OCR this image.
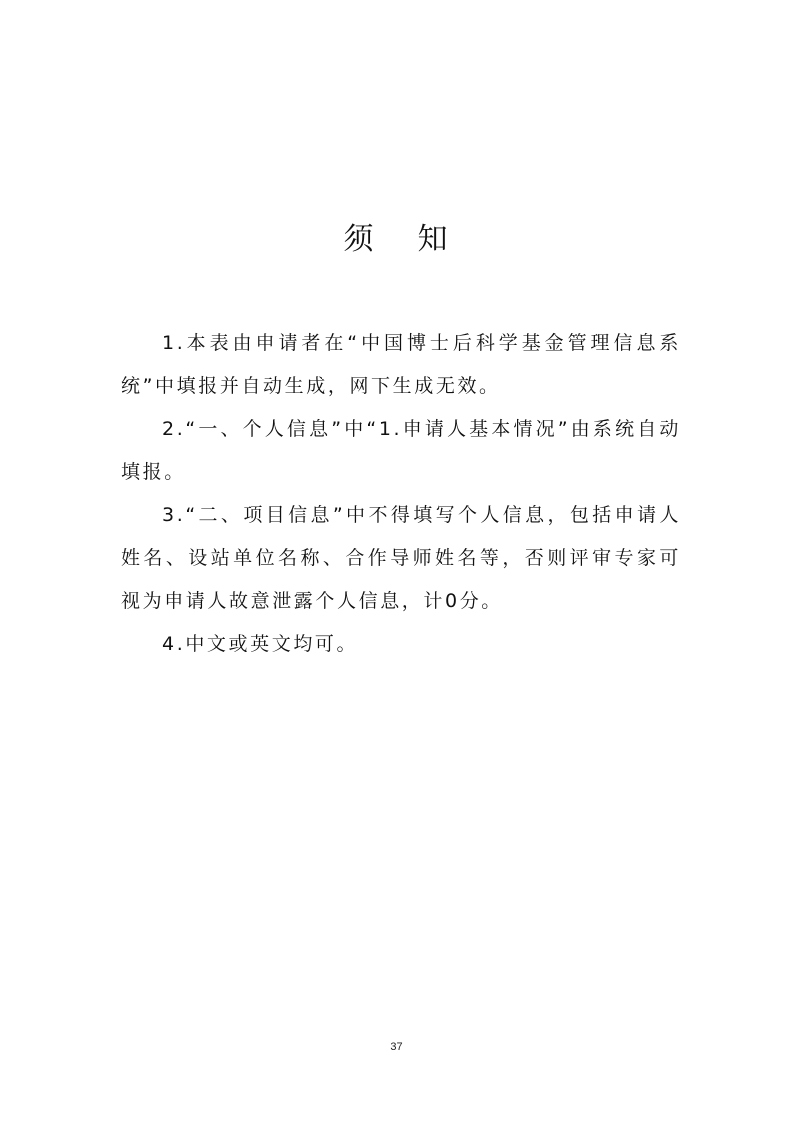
须 知

1.本表由申请者在“中国博士后科学基金管理信息系统”中填报并自动生成，网下生成无效。

2.“一、个人信息”中“1.申请人基本情况”由系统自动填报。

3.“二、项目信息”中不得填写个人信息，包括申请人姓名、设站单位名称、合作导师姓名等，否则评审专家可视为申请人故意泄露个人信息，计0分。

4.中文或英文均可。

37
